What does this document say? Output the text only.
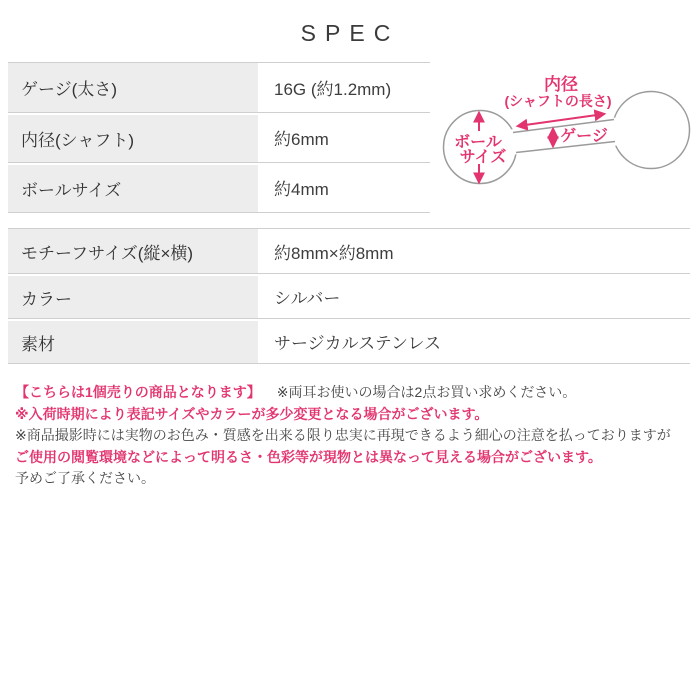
SPEC
ゲージ(太さ)	16G (約1.2mm)
内径(シャフト)	約6mm
ボールサイズ	約4mm
モチーフサイズ(縦×横)	約8mm×約8mm
カラー	シルバー
素材	サージカルステンレス
内径
(シャフトの長さ)
ゲージ
ボール
サイズ
【こちらは1個売りの商品となります】 ※両耳お使いの場合は2点お買い求めください。
※入荷時期により表記サイズやカラーが多少変更となる場合がございます。
※商品撮影時には実物のお色み・質感を出来る限り忠実に再現できるよう細心の注意を払っておりますが
ご使用の閲覧環境などによって明るさ・色彩等が現物とは異なって見える場合がございます。
予めご了承ください。
